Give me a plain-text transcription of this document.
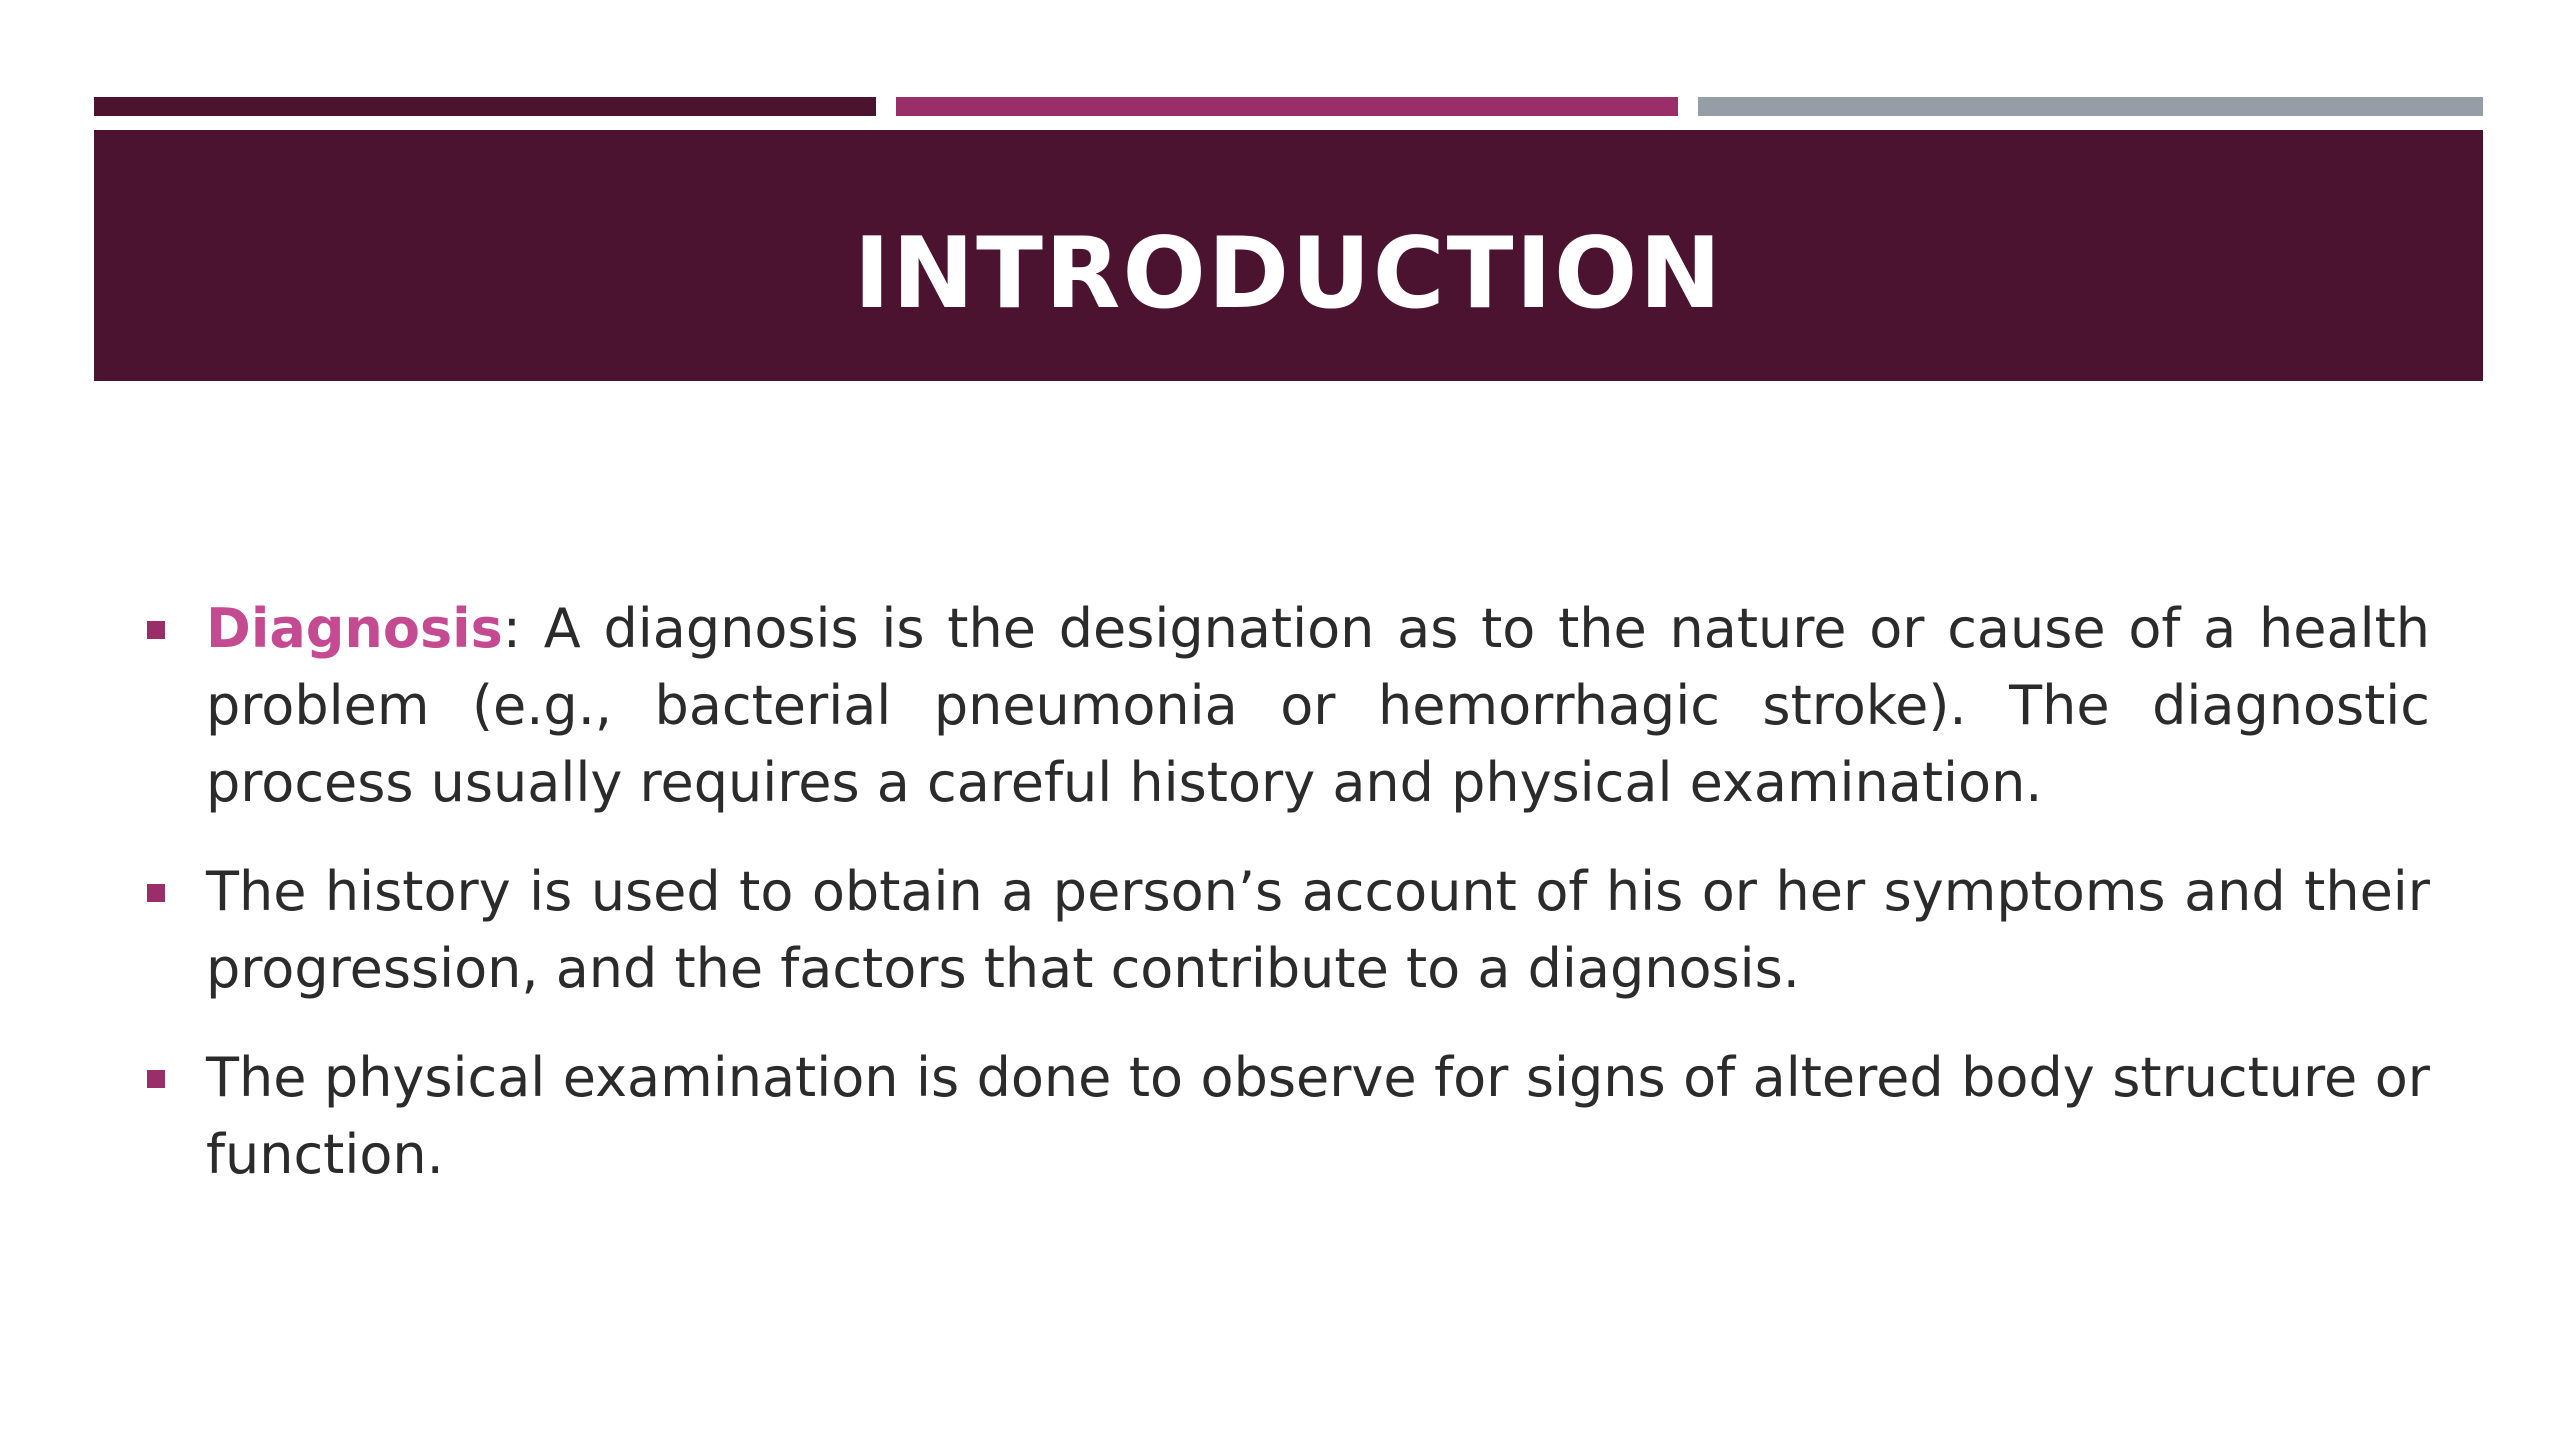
INTRODUCTION
Diagnosis: A diagnosis is the designation as to the nature or cause of a health problem (e.g., bacterial pneumonia or hemorrhagic stroke). The diagnostic process usually requires a careful history and physical examination.
The history is used to obtain a person’s account of his or her symptoms and their progression, and the factors that contribute to a diagnosis.
The physical examination is done to observe for signs of altered body structure or function.
